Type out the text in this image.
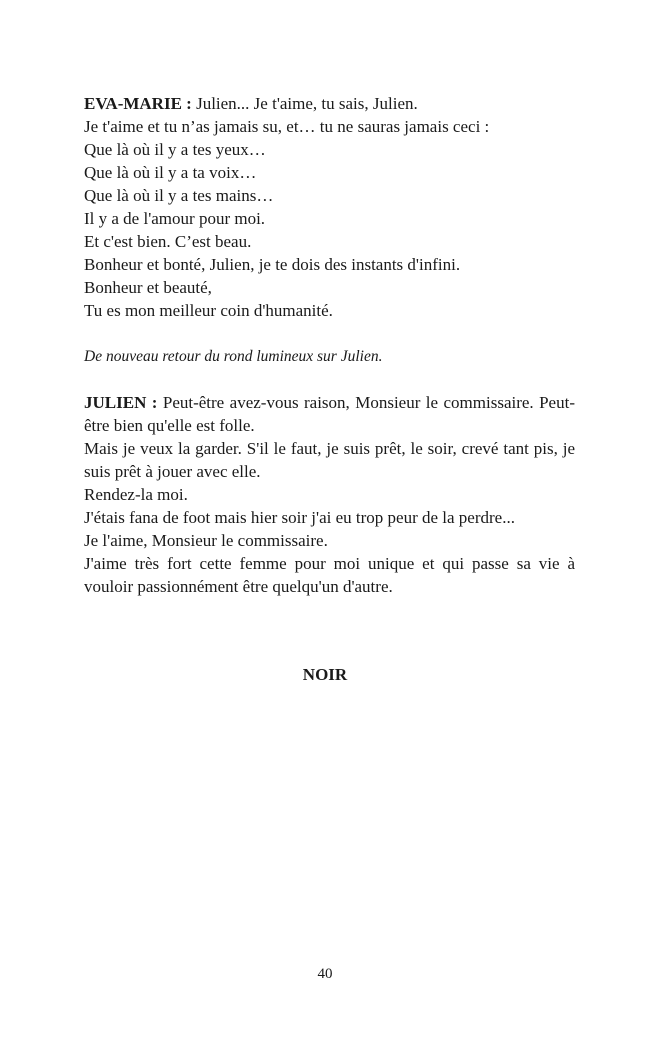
EVA-MARIE : Julien... Je t'aime, tu sais, Julien.
Je t'aime et tu n’as jamais su, et… tu ne sauras jamais ceci :
Que là où il y a tes yeux…
Que là où il y a ta voix…
Que là où il y a tes mains…
Il y a de l'amour pour moi.
Et c'est bien. C’est beau.
Bonheur et bonté, Julien, je te dois des instants d'infini.
Bonheur et beauté,
Tu es mon meilleur coin d'humanité.
De nouveau retour du rond lumineux sur Julien.
JULIEN : Peut-être avez-vous raison, Monsieur le commissaire. Peut-être bien qu'elle est folle.
Mais je veux la garder. S'il le faut, je suis prêt, le soir, crevé tant pis, je suis prêt à jouer avec elle.
Rendez-la moi.
J'étais fana de foot mais hier soir j'ai eu trop peur de la perdre...
Je l'aime, Monsieur le commissaire.
J'aime très fort cette femme pour moi unique et qui passe sa vie à vouloir passionnément être quelqu'un d'autre.
NOIR
40
